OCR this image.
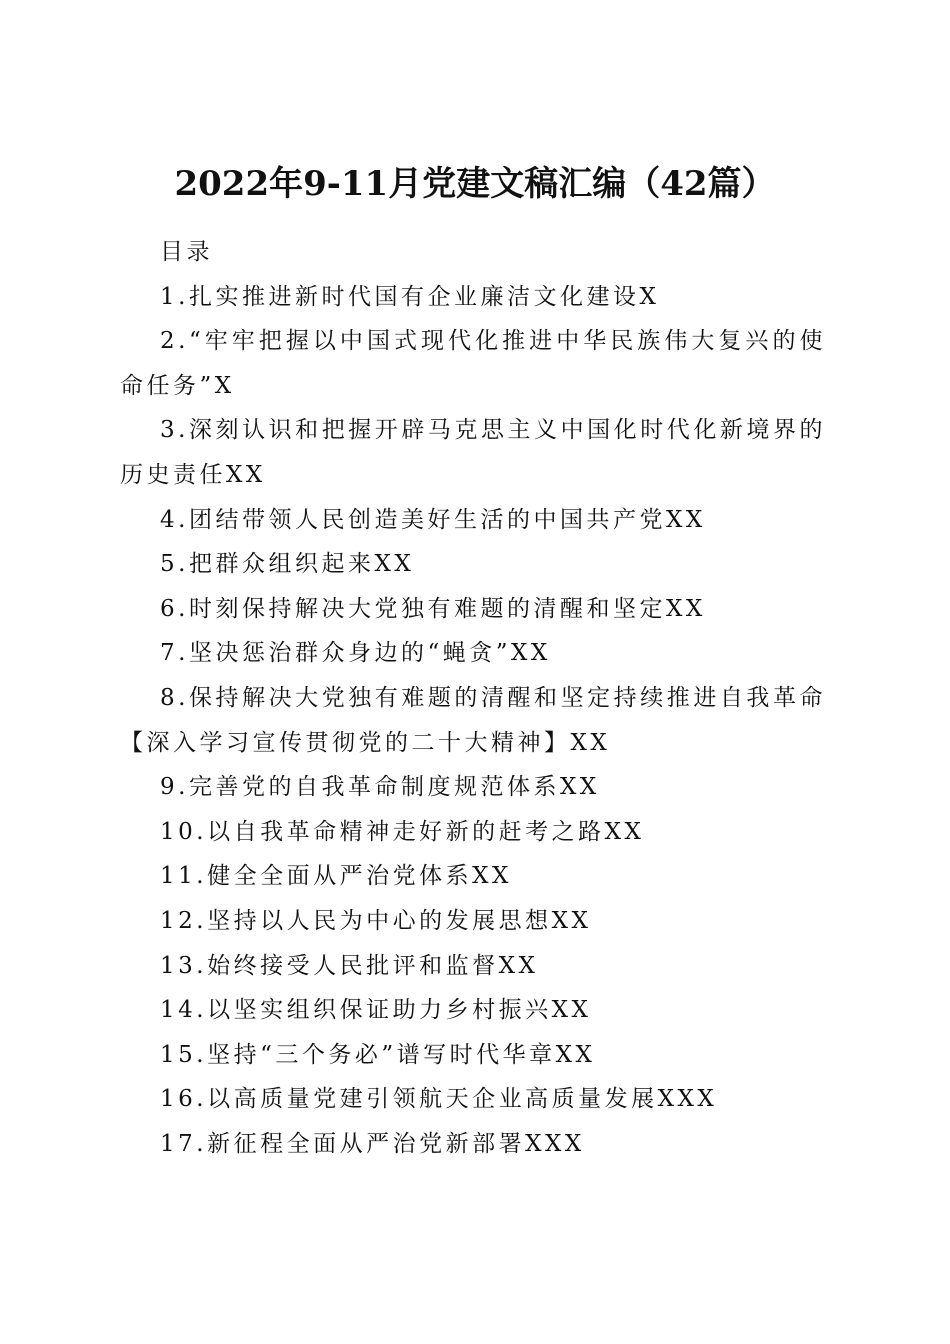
2022年9-11月党建文稿汇编（42篇）

目录

1.扎实推进新时代国有企业廉洁文化建设X
2.“牢牢把握以中国式现代化推进中华民族伟大复兴的使命任务”X
3.深刻认识和把握开辟马克思主义中国化时代化新境界的历史责任XX
4.团结带领人民创造美好生活的中国共产党XX
5.把群众组织起来XX
6.时刻保持解决大党独有难题的清醒和坚定XX
7.坚决惩治群众身边的“蝇贪”XX
8.保持解决大党独有难题的清醒和坚定持续推进自我革命【深入学习宣传贯彻党的二十大精神】XX
9.完善党的自我革命制度规范体系XX
10.以自我革命精神走好新的赶考之路XX
11.健全全面从严治党体系XX
12.坚持以人民为中心的发展思想XX
13.始终接受人民批评和监督XX
14.以坚实组织保证助力乡村振兴XX
15.坚持“三个务必”谱写时代华章XX
16.以高质量党建引领航天企业高质量发展XXX
17.新征程全面从严治党新部署XXX
